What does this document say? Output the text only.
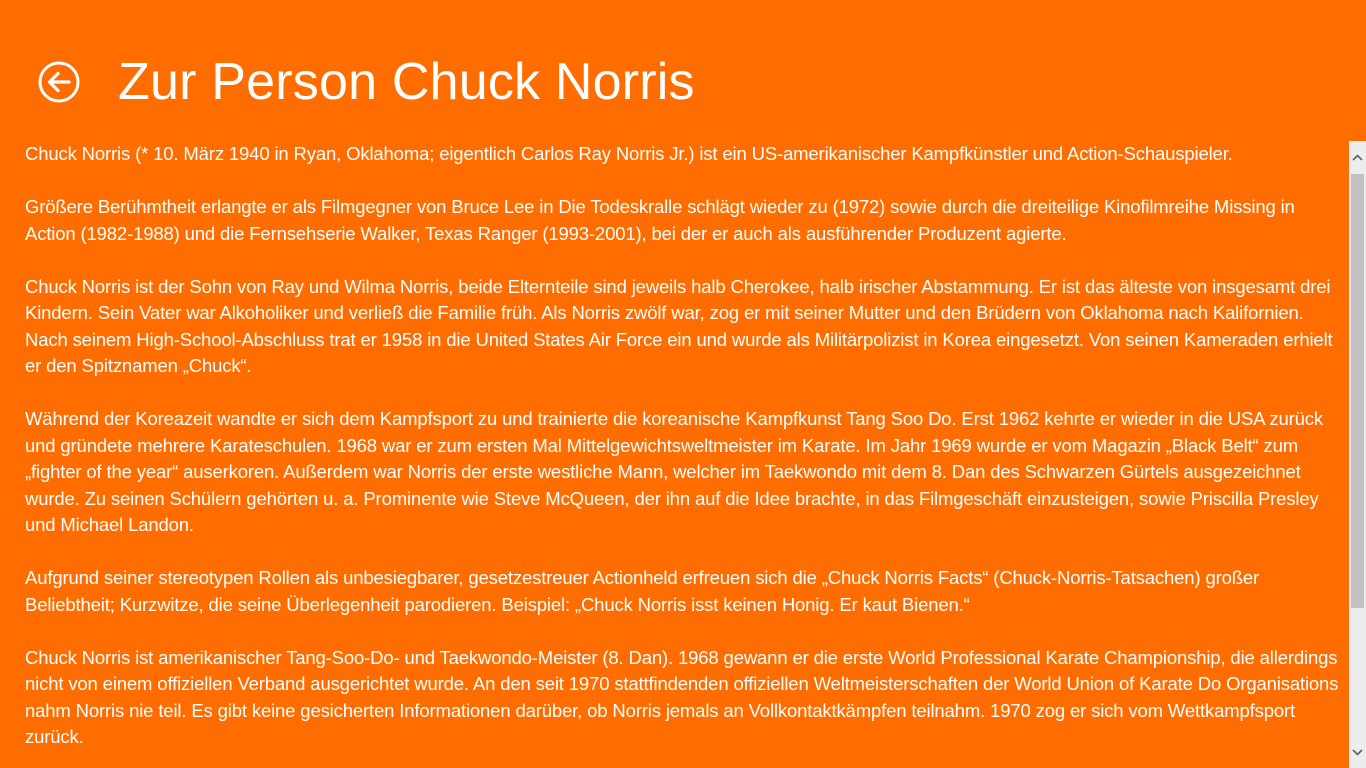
Zur Person Chuck Norris

Chuck Norris (* 10. März 1940 in Ryan, Oklahoma; eigentlich Carlos Ray Norris Jr.) ist ein US-amerikanischer Kampfkünstler und Action-Schauspieler.

Größere Berühmtheit erlangte er als Filmgegner von Bruce Lee in Die Todeskralle schlägt wieder zu (1972) sowie durch die dreiteilige Kinofilmreihe Missing in Action (1982-1988) und die Fernsehserie Walker, Texas Ranger (1993-2001), bei der er auch als ausführender Produzent agierte.

Chuck Norris ist der Sohn von Ray und Wilma Norris, beide Elternteile sind jeweils halb Cherokee, halb irischer Abstammung. Er ist das älteste von insgesamt drei Kindern. Sein Vater war Alkoholiker und verließ die Familie früh. Als Norris zwölf war, zog er mit seiner Mutter und den Brüdern von Oklahoma nach Kalifornien. Nach seinem High-School-Abschluss trat er 1958 in die United States Air Force ein und wurde als Militärpolizist in Korea eingesetzt. Von seinen Kameraden erhielt er den Spitznamen „Chuck“.

Während der Koreazeit wandte er sich dem Kampfsport zu und trainierte die koreanische Kampfkunst Tang Soo Do. Erst 1962 kehrte er wieder in die USA zurück und gründete mehrere Karateschulen. 1968 war er zum ersten Mal Mittelgewichtsweltmeister im Karate. Im Jahr 1969 wurde er vom Magazin „Black Belt“ zum „fighter of the year“ auserkoren. Außerdem war Norris der erste westliche Mann, welcher im Taekwondo mit dem 8. Dan des Schwarzen Gürtels ausgezeichnet wurde. Zu seinen Schülern gehörten u. a. Prominente wie Steve McQueen, der ihn auf die Idee brachte, in das Filmgeschäft einzusteigen, sowie Priscilla Presley und Michael Landon.

Aufgrund seiner stereotypen Rollen als unbesiegbarer, gesetzestreuer Actionheld erfreuen sich die „Chuck Norris Facts“ (Chuck-Norris-Tatsachen) großer Beliebtheit; Kurzwitze, die seine Überlegenheit parodieren. Beispiel: „Chuck Norris isst keinen Honig. Er kaut Bienen.“

Chuck Norris ist amerikanischer Tang-Soo-Do- und Taekwondo-Meister (8. Dan). 1968 gewann er die erste World Professional Karate Championship, die allerdings nicht von einem offiziellen Verband ausgerichtet wurde. An den seit 1970 stattfindenden offiziellen Weltmeisterschaften der World Union of Karate Do Organisations nahm Norris nie teil. Es gibt keine gesicherten Informationen darüber, ob Norris jemals an Vollkontaktkämpfen teilnahm. 1970 zog er sich vom Wettkampfsport zurück.
